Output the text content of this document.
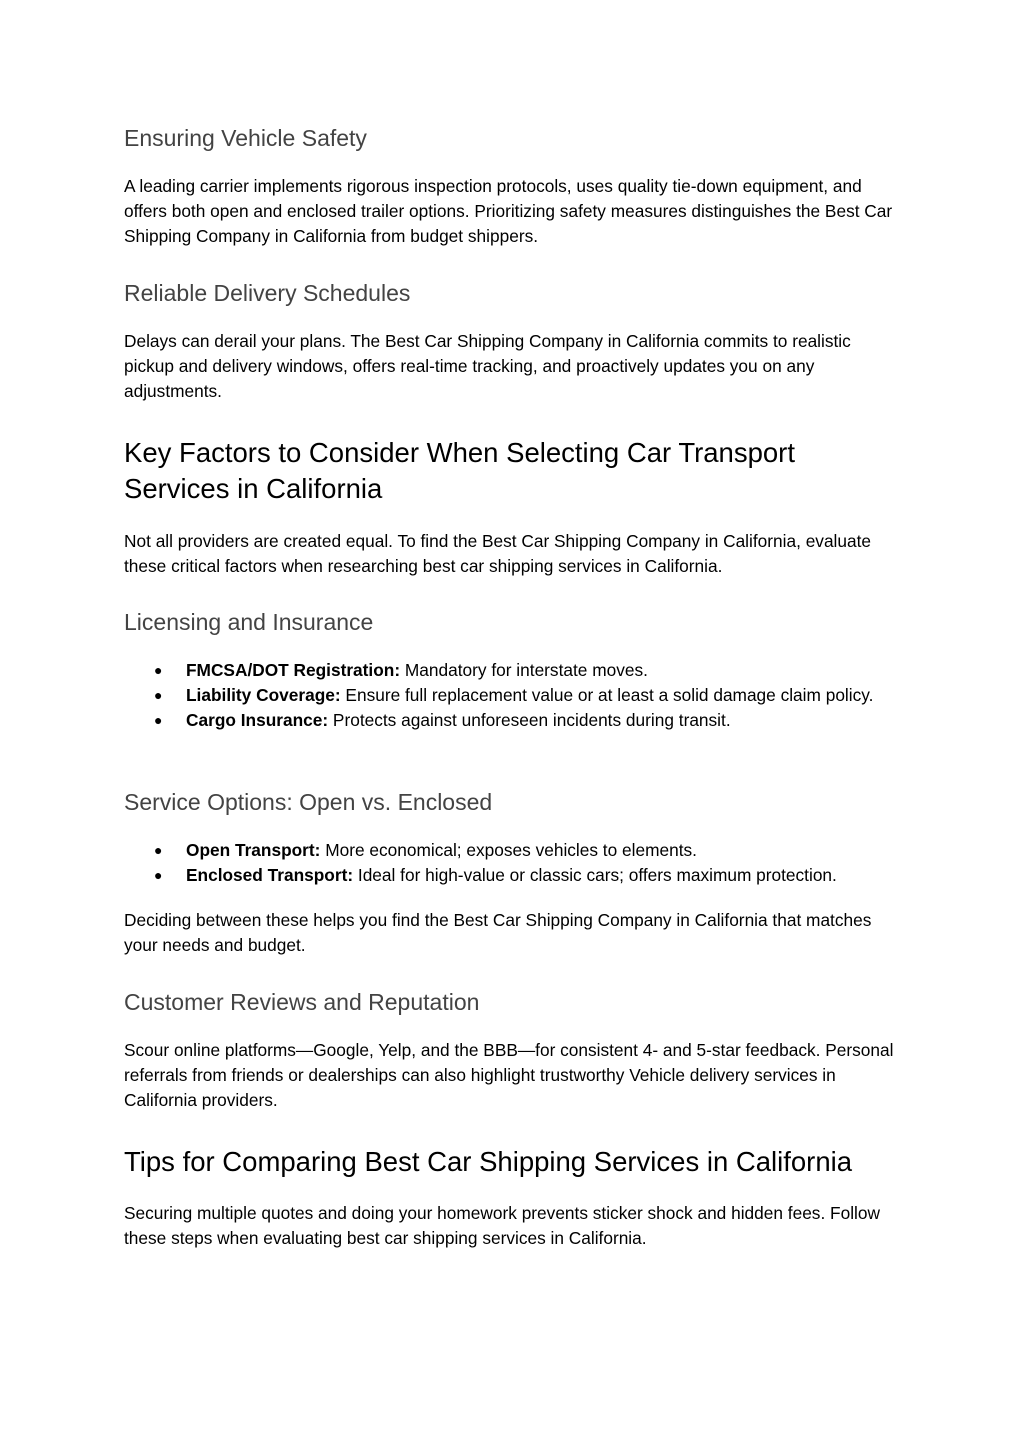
Ensuring Vehicle Safety

A leading carrier implements rigorous inspection protocols, uses quality tie-down equipment, and offers both open and enclosed trailer options. Prioritizing safety measures distinguishes the Best Car Shipping Company in California from budget shippers.

Reliable Delivery Schedules

Delays can derail your plans. The Best Car Shipping Company in California commits to realistic pickup and delivery windows, offers real-time tracking, and proactively updates you on any adjustments.

Key Factors to Consider When Selecting Car Transport Services in California

Not all providers are created equal. To find the Best Car Shipping Company in California, evaluate these critical factors when researching best car shipping services in California.

Licensing and Insurance
● FMCSA/DOT Registration: Mandatory for interstate moves.
● Liability Coverage: Ensure full replacement value or at least a solid damage claim policy.
● Cargo Insurance: Protects against unforeseen incidents during transit.
Service Options: Open vs. Enclosed
● Open Transport: More economical; exposes vehicles to elements.
● Enclosed Transport: Ideal for high-value or classic cars; offers maximum protection.

Deciding between these helps you find the Best Car Shipping Company in California that matches your needs and budget.

Customer Reviews and Reputation

Scour online platforms—Google, Yelp, and the BBB—for consistent 4- and 5-star feedback. Personal referrals from friends or dealerships can also highlight trustworthy Vehicle delivery services in California providers.

Tips for Comparing Best Car Shipping Services in California

Securing multiple quotes and doing your homework prevents sticker shock and hidden fees. Follow these steps when evaluating best car shipping services in California.
